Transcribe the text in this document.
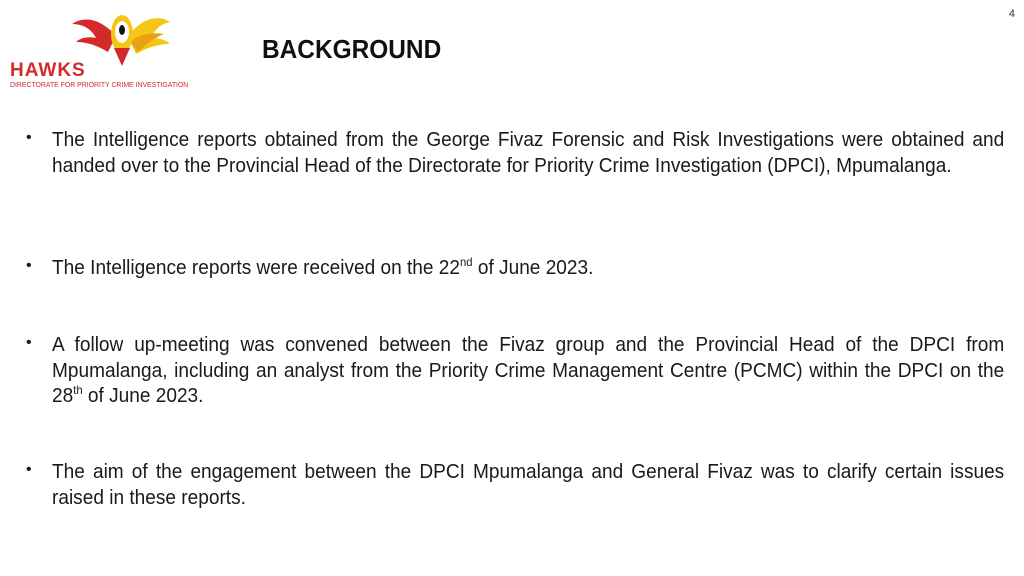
4
HAWKS
DIRECTORATE FOR PRIORITY CRIME INVESTIGATION
BACKGROUND
• The Intelligence reports obtained from the George Fivaz Forensic and Risk Investigations were obtained and handed over to the Provincial Head of the Directorate for Priority Crime Investigation (DPCI), Mpumalanga.
• The Intelligence reports were received on the 22nd of June 2023.
• A follow up-meeting was convened between the Fivaz group and the Provincial Head of the DPCI from Mpumalanga, including an analyst from the Priority Crime Management Centre (PCMC) within the DPCI on the 28th of June 2023.
• The aim of the engagement between the DPCI Mpumalanga and General Fivaz was to clarify certain issues raised in these reports.
